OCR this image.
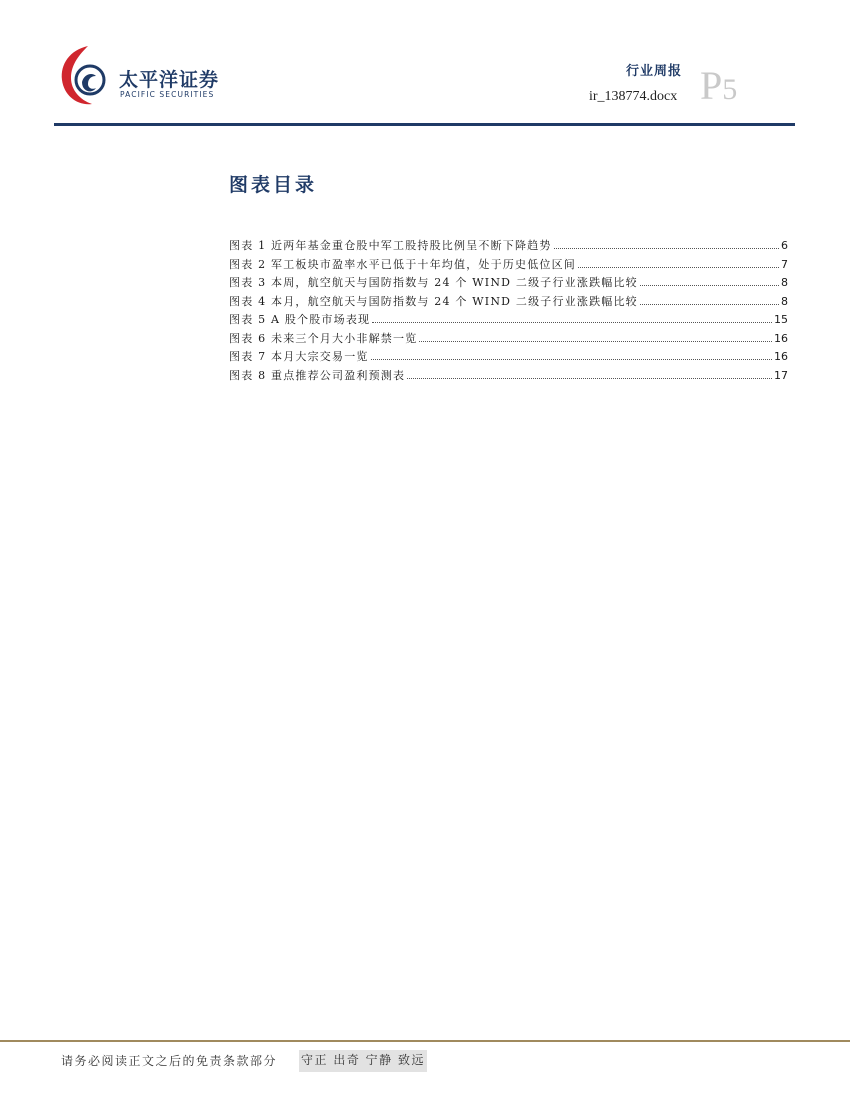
太平洋证券
PACIFIC SECURITIES
行业周报
ir_138774.docx P5
图表目录
图表 1 近两年基金重仓股中军工股持股比例呈不断下降趋势	6
图表 2 军工板块市盈率水平已低于十年均值，处于历史低位区间	7
图表 3 本周，航空航天与国防指数与 24 个 WIND 二级子行业涨跌幅比较	8
图表 4 本月，航空航天与国防指数与 24 个 WIND 二级子行业涨跌幅比较	8
图表 5 A 股个股市场表现	15
图表 6 未来三个月大小非解禁一览	16
图表 7 本月大宗交易一览	16
图表 8 重点推荐公司盈利预测表	17
请务必阅读正文之后的免责条款部分 守正 出奇 宁静 致远
